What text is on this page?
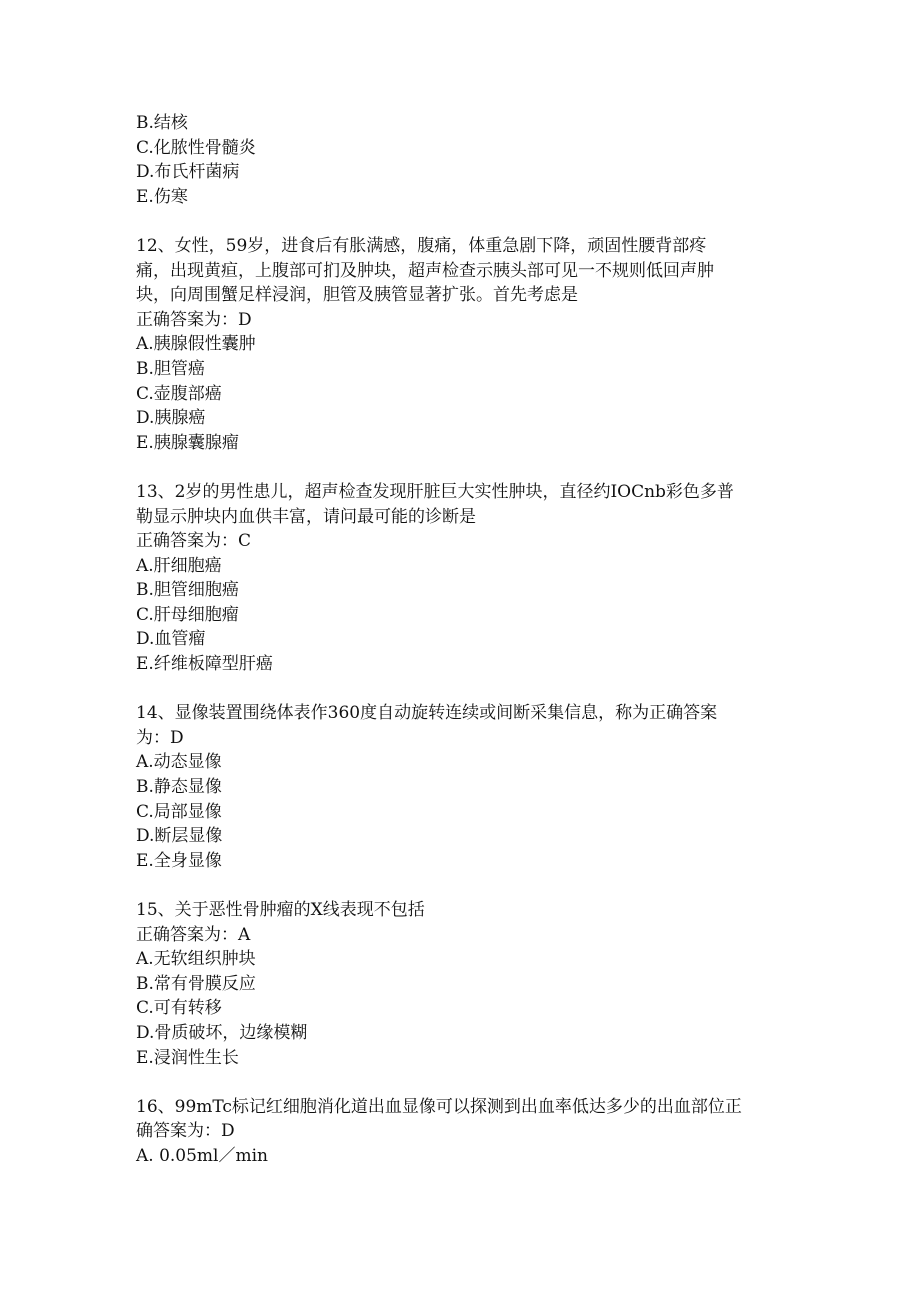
B.结核

C.化脓性骨髓炎

D.布氏杆菌病

E.伤寒

12、女性，59岁，进食后有胀满感，腹痛，体重急剧下降，顽固性腰背部疼

痛，出现黄疸，上腹部可扪及肿块，超声检查示胰头部可见一不规则低回声肿

块，向周围蟹足样浸润，胆管及胰管显著扩张。首先考虑是

正确答案为：D

A.胰腺假性囊肿

B.胆管癌

C.壶腹部癌

D.胰腺癌

E.胰腺囊腺瘤

13、2岁的男性患儿，超声检查发现肝脏巨大实性肿块，直径约IOCnb彩色多普

勒显示肿块内血供丰富，请问最可能的诊断是

正确答案为：C

A.肝细胞癌

B.胆管细胞癌

C.肝母细胞瘤

D.血管瘤

E.纤维板障型肝癌

14、显像装置围绕体表作360度自动旋转连续或间断采集信息，称为正确答案

为：D

A.动态显像

B.静态显像

C.局部显像

D.断层显像

E.全身显像

15、关于恶性骨肿瘤的X线表现不包括

正确答案为：A

A.无软组织肿块

B.常有骨膜反应

C.可有转移

D.骨质破坏，边缘模糊

E.浸润性生长

16、99mTc标记红细胞消化道出血显像可以探测到出血率低达多少的出血部位正

确答案为：D

A. 0.05ml／min
